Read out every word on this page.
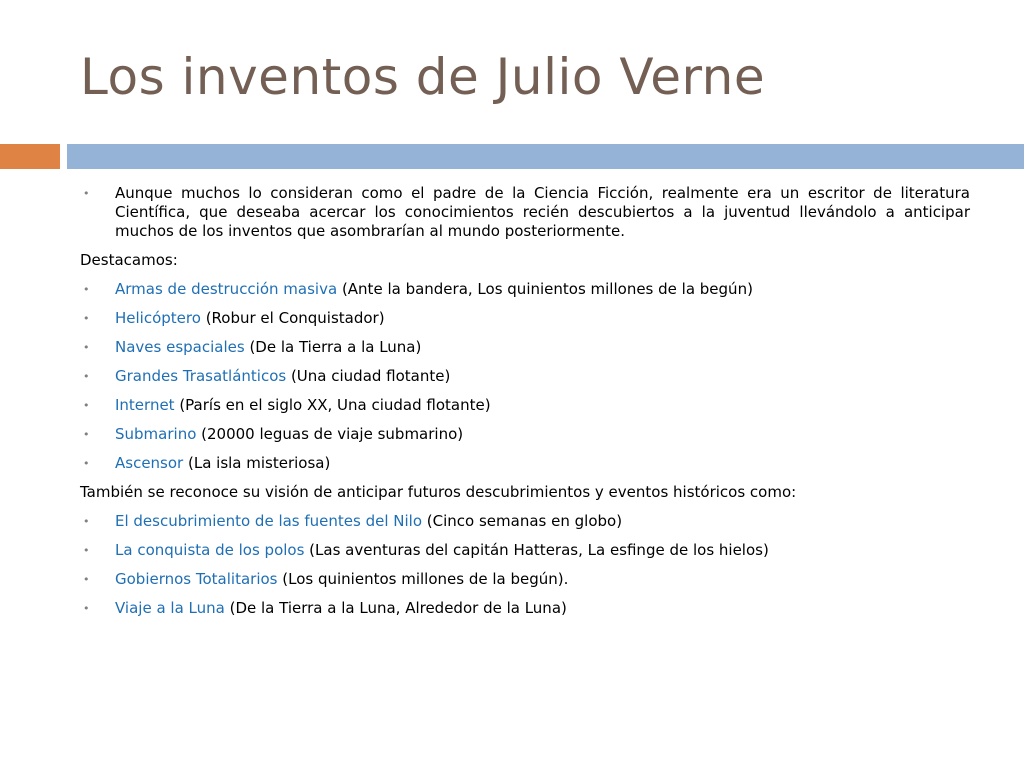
Los inventos de Julio Verne
• Aunque muchos lo consideran como el padre de la Ciencia Ficción, realmente era un escritor de literatura Científica, que deseaba acercar los conocimientos recién descubiertos a la juventud llevándolo a anticipar muchos de los inventos que asombrarían al mundo posteriormente.
Destacamos:
• Armas de destrucción masiva (Ante la bandera, Los quinientos millones de la begún)
• Helicóptero (Robur el Conquistador)
• Naves espaciales (De la Tierra a la Luna)
• Grandes Trasatlánticos (Una ciudad flotante)
• Internet (París en el siglo XX, Una ciudad flotante)
• Submarino (20000 leguas de viaje submarino)
• Ascensor (La isla misteriosa)
También se reconoce su visión de anticipar futuros descubrimientos y eventos históricos como:
• El descubrimiento de las fuentes del Nilo (Cinco semanas en globo)
• La conquista de los polos (Las aventuras del capitán Hatteras, La esfinge de los hielos)
• Gobiernos Totalitarios (Los quinientos millones de la begún).
• Viaje a la Luna (De la Tierra a la Luna, Alrededor de la Luna)
